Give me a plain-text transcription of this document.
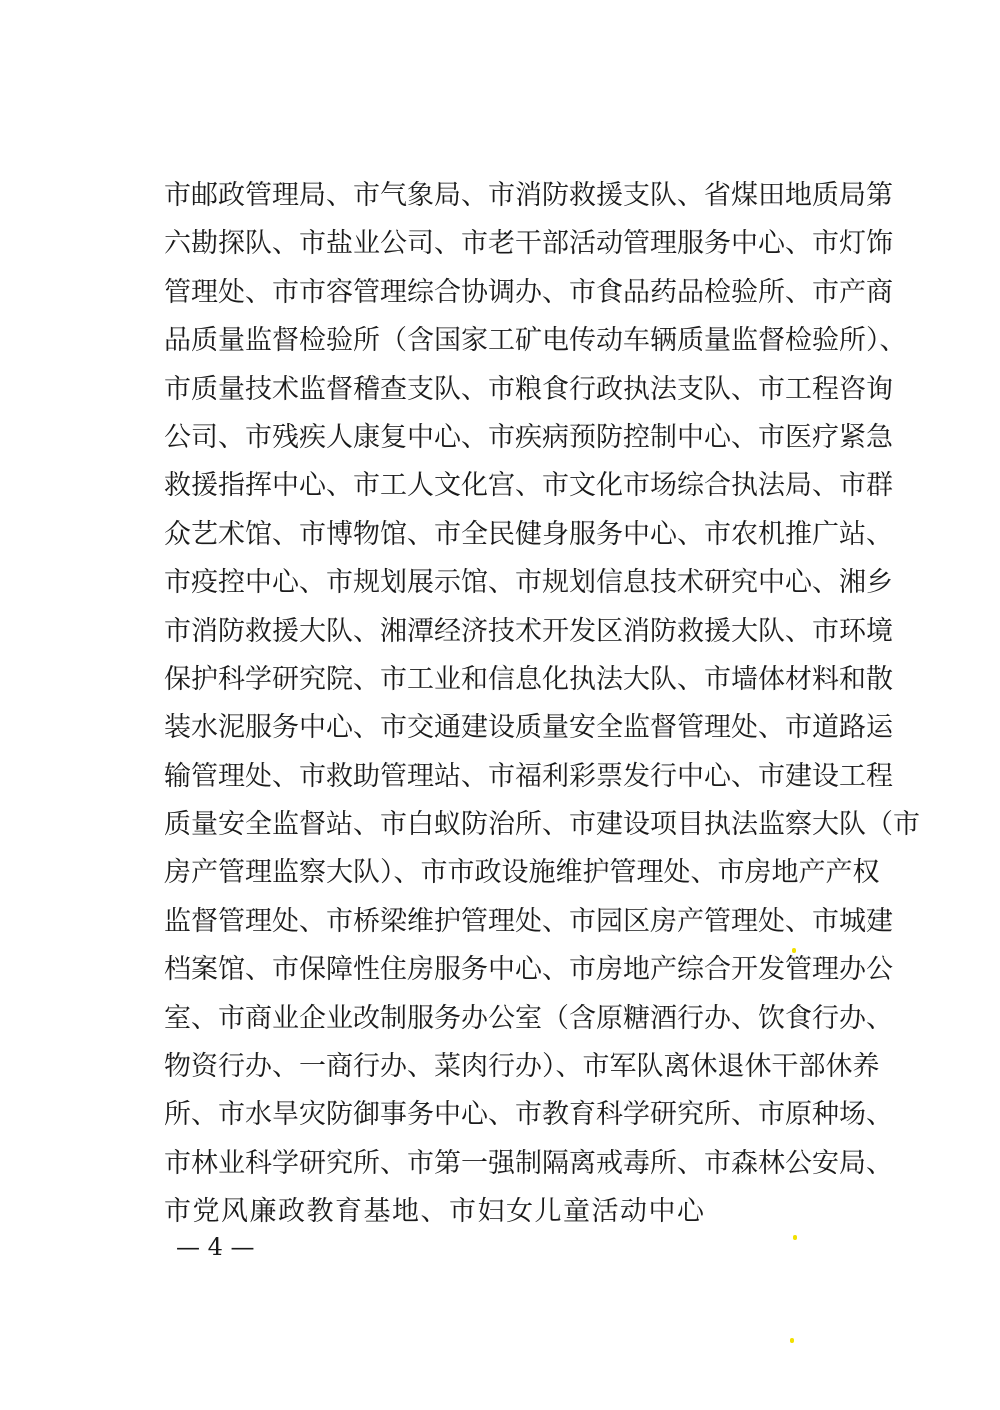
市邮政管理局、市气象局、市消防救援支队、省煤田地质局第
六勘探队、市盐业公司、市老干部活动管理服务中心、市灯饰
管理处、市市容管理综合协调办、市食品药品检验所、市产商
品质量监督检验所（含国家工矿电传动车辆质量监督检验所）、
市质量技术监督稽查支队、市粮食行政执法支队、市工程咨询
公司、市残疾人康复中心、市疾病预防控制中心、市医疗紧急
救援指挥中心、市工人文化宫、市文化市场综合执法局、市群
众艺术馆、市博物馆、市全民健身服务中心、市农机推广站、
市疫控中心、市规划展示馆、市规划信息技术研究中心、湘乡
市消防救援大队、湘潭经济技术开发区消防救援大队、市环境
保护科学研究院、市工业和信息化执法大队、市墙体材料和散
装水泥服务中心、市交通建设质量安全监督管理处、市道路运
输管理处、市救助管理站、市福利彩票发行中心、市建设工程
质量安全监督站、市白蚁防治所、市建设项目执法监察大队（市
房产管理监察大队）、市市政设施维护管理处、市房地产产权
监督管理处、市桥梁维护管理处、市园区房产管理处、市城建
档案馆、市保障性住房服务中心、市房地产综合开发管理办公
室、市商业企业改制服务办公室（含原糖酒行办、饮食行办、
物资行办、一商行办、菜肉行办）、市军队离休退休干部休养
所、市水旱灾防御事务中心、市教育科学研究所、市原种场、
市林业科学研究所、市第一强制隔离戒毒所、市森林公安局、
市党风廉政教育基地、市妇女儿童活动中心
— 4 —
